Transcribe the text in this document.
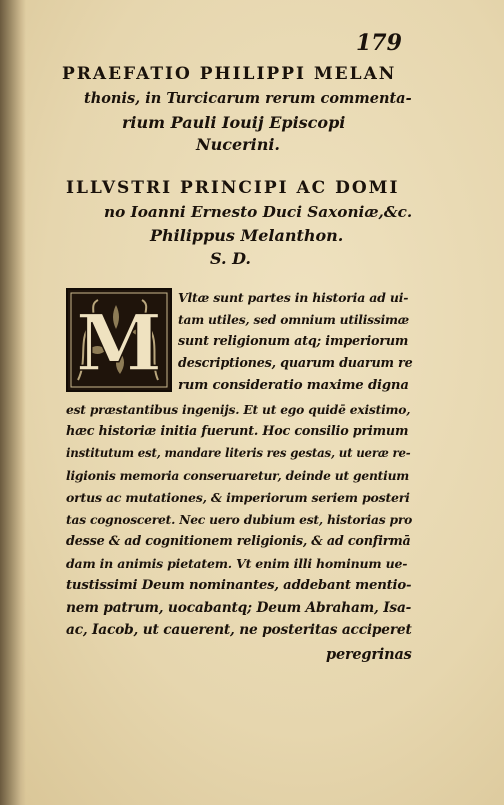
179
PRAEFATIO PHILIPPI MELAN
thonis, in Turcicarum rerum commenta-
rium Pauli Iouij Episcopi
Nucerini.
ILLVSTRI PRINCIPI AC DOMI
no Ioanni Ernesto Duci Saxoniæ,&c.
Philippus Melanthon.
S. D.
M
Vltæ sunt partes in historia ad ui-
tam utiles, sed omnium utilissimæ
sunt religionum atq; imperiorum
descriptiones, quarum duarum re
rum consideratio maxime digna
est præstantibus ingenijs. Et ut ego quidē existimo,
hæc historiæ initia fuerunt. Hoc consilio primum
institutum est, mandare literis res gestas, ut ueræ re-
ligionis memoria conseruaretur, deinde ut gentium
ortus ac mutationes, & imperiorum seriem posteri
tas cognosceret. Nec uero dubium est, historias pro
desse & ad cognitionem religionis, & ad confirmā
dam in animis pietatem. Vt enim illi hominum ue-
tustissimi Deum nominantes, addebant mentio-
nem patrum, uocabantq; Deum Abraham, Isa-
ac, Iacob, ut cauerent, ne posteritas acciperet
peregrinas
